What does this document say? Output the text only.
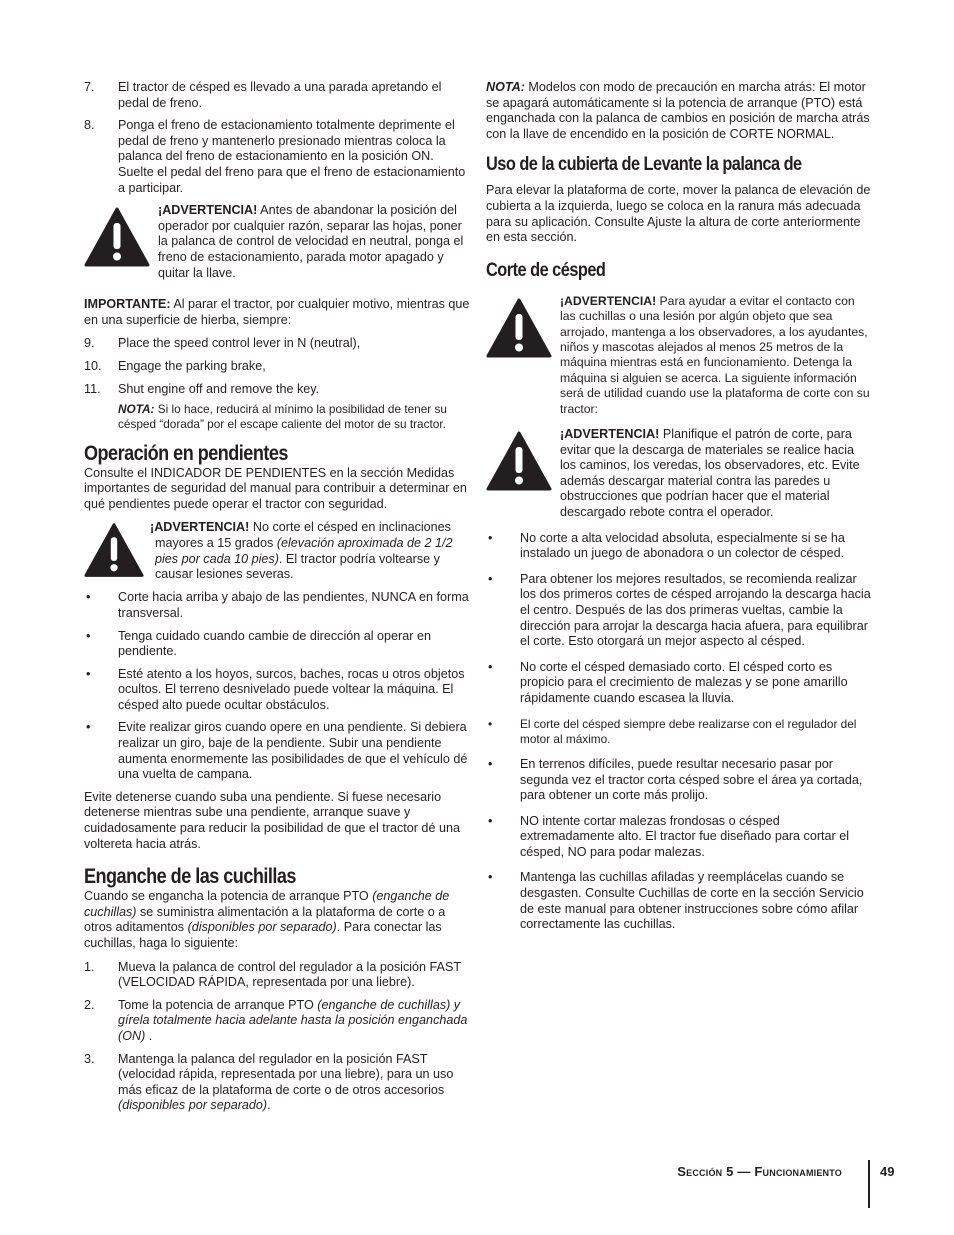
7. El tractor de césped es llevado a una parada apretando el pedal de freno.
8. Ponga el freno de estacionamiento totalmente deprimente el pedal de freno y mantenerlo presionado mientras coloca la palanca del freno de estacionamiento en la posición ON. Suelte el pedal del freno para que el freno de estacionamiento a participar.
¡ADVERTENCIA! Antes de abandonar la posición del operador por cualquier razón, separar las hojas, poner la palanca de control de velocidad en neutral, ponga el freno de estacionamiento, parada motor apagado y quitar la llave.

IMPORTANTE: Al parar el tractor, por cualquier motivo, mientras que en una superficie de hierba, siempre:

9. Place the speed control lever in N (neutral),
10. Engage the parking brake,
11. Shut engine off and remove the key.
NOTA: Si lo hace, reducirá al mínimo la posibilidad de tener su césped “dorada” por el escape caliente del motor de su tractor.
Operación en pendientes

Consulte el INDICADOR DE PENDIENTES en la sección Medidas importantes de seguridad del manual para contribuir a determinar en qué pendientes puede operar el tractor con seguridad.

¡ADVERTENCIA! No corte el césped en inclinaciones
mayores a 15 grados (elevación aproximada de 2 1/2 pies por cada 10 pies). El tractor podría voltearse y causar lesiones severas.
• Corte hacia arriba y abajo de las pendientes, NUNCA en forma transversal.
• Tenga cuidado cuando cambie de dirección al operar en pendiente.
• Esté atento a los hoyos, surcos, baches, rocas u otros objetos ocultos. El terreno desnivelado puede voltear la máquina. El césped alto puede ocultar obstáculos.
• Evite realizar giros cuando opere en una pendiente. Si debiera realizar un giro, baje de la pendiente. Subir una pendiente aumenta enormemente las posibilidades de que el vehículo dé una vuelta de campana.

Evite detenerse cuando suba una pendiente. Si fuese necesario detenerse mientras sube una pendiente, arranque suave y cuidadosamente para reducir la posibilidad de que el tractor dé una voltereta hacia atrás.

Enganche de las cuchillas

Cuando se engancha la potencia de arranque PTO (enganche de cuchillas) se suministra alimentación a la plataforma de corte o a otros aditamentos (disponibles por separado). Para conectar las cuchillas, haga lo siguiente:

1. Mueva la palanca de control del regulador a la posición FAST (VELOCIDAD RÁPIDA, representada por una liebre).
2. Tome la potencia de arranque PTO (enganche de cuchillas) y gírela totalmente hacia adelante hasta la posición enganchada (ON) .
3. Mantenga la palanca del regulador en la posición FAST (velocidad rápida, representada por una liebre), para un uso más eficaz de la plataforma de corte o de otros accesorios (disponibles por separado).

NOTA: Modelos con modo de precaución en marcha atrás: El motor se apagará automáticamente si la potencia de arranque (PTO) está enganchada con la palanca de cambios en posición de marcha atrás con la llave de encendido en la posición de CORTE NORMAL.

Uso de la cubierta de Levante la palanca de

Para elevar la plataforma de corte, mover la palanca de elevación de cubierta a la izquierda, luego se coloca en la ranura más adecuada para su aplicación. Consulte Ajuste la altura de corte anteriormente en esta sección.

Corte de césped
¡ADVERTENCIA! Para ayudar a evitar el contacto con las cuchillas o una lesión por algún objeto que sea arrojado, mantenga a los observadores, a los ayudantes, niños y mascotas alejados al menos 25 metros de la máquina mientras está en funcionamiento. Detenga la máquina si alguien se acerca. La siguiente información será de utilidad cuando use la plataforma de corte con su tractor:
¡ADVERTENCIA! Planifique el patrón de corte, para evitar que la descarga de materiales se realice hacia los caminos, los veredas, los observadores, etc. Evite además descargar material contra las paredes u obstrucciones que podrían hacer que el material descargado rebote contra el operador.
• No corte a alta velocidad absoluta, especialmente si se ha instalado un juego de abonadora o un colector de césped.
• Para obtener los mejores resultados, se recomienda realizar los dos primeros cortes de césped arrojando la descarga hacia el centro. Después de las dos primeras vueltas, cambie la dirección para arrojar la descarga hacia afuera, para equilibrar el corte. Esto otorgará un mejor aspecto al césped.
• No corte el césped demasiado corto. El césped corto es propicio para el crecimiento de malezas y se pone amarillo rápidamente cuando escasea la lluvia.
• El corte del césped siempre debe realizarse con el regulador del motor al máximo.
• En terrenos difíciles, puede resultar necesario pasar por segunda vez el tractor corta césped sobre el área ya cortada, para obtener un corte más prolijo.
• NO intente cortar malezas frondosas o césped extremadamente alto. El tractor fue diseñado para cortar el césped, NO para podar malezas.
• Mantenga las cuchillas afiladas y reemplácelas cuando se desgasten. Consulte Cuchillas de corte en la sección Servicio de este manual para obtener instrucciones sobre cómo afilar correctamente las cuchillas.
Sección 5 — Funcionamiento	49
